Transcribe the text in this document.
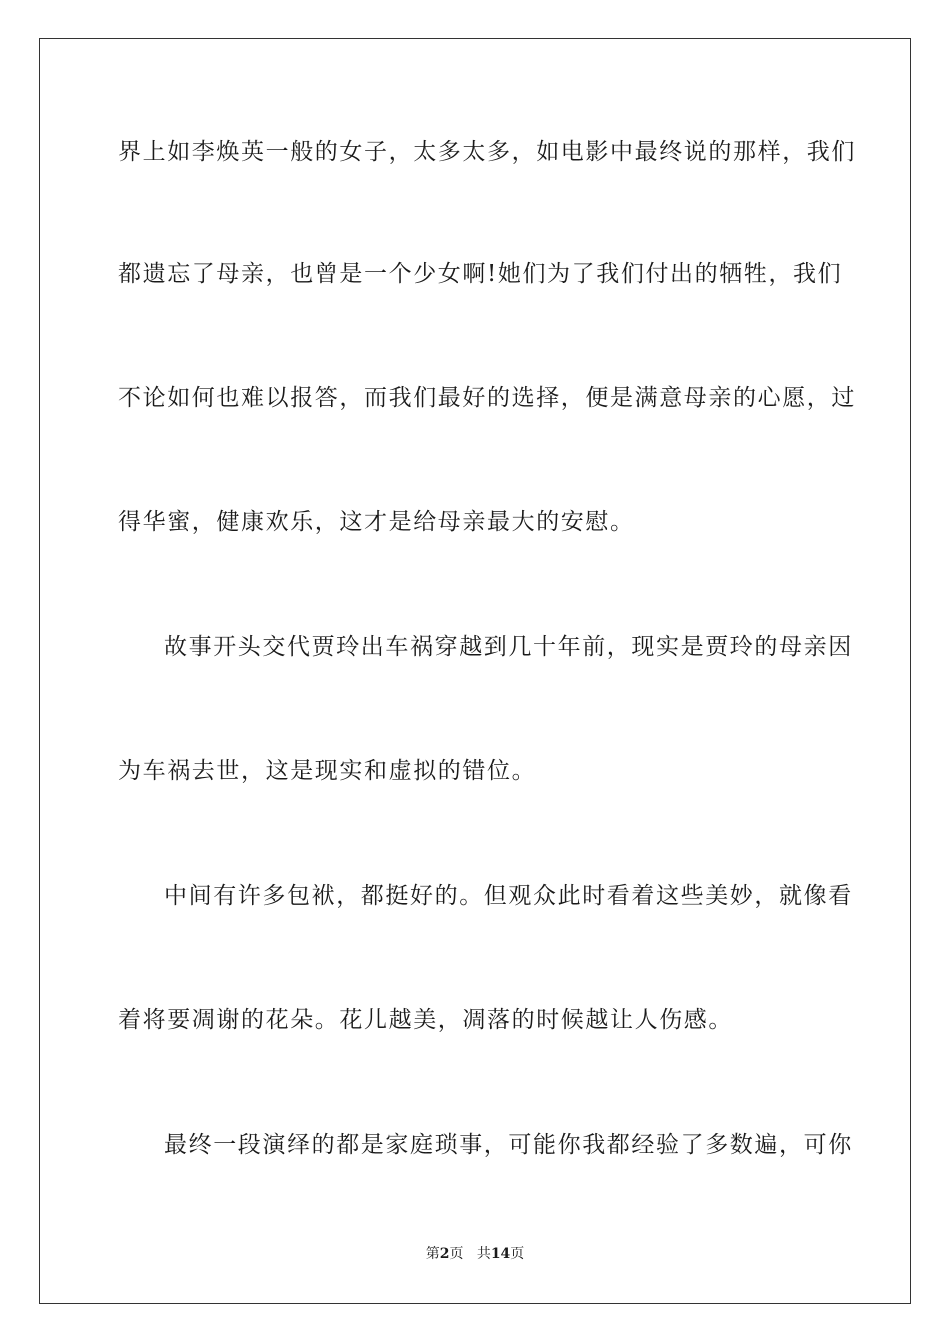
界上如李焕英一般的女子，太多太多，如电影中最终说的那样，我们
都遗忘了母亲，也曾是一个少女啊!她们为了我们付出的牺牲，我们
不论如何也难以报答，而我们最好的选择，便是满意母亲的心愿，过
得华蜜，健康欢乐，这才是给母亲最大的安慰。
故事开头交代贾玲出车祸穿越到几十年前，现实是贾玲的母亲因
为车祸去世，这是现实和虚拟的错位。
中间有许多包袱，都挺好的。但观众此时看着这些美妙，就像看
着将要凋谢的花朵。花儿越美，凋落的时候越让人伤感。
最终一段演绎的都是家庭琐事，可能你我都经验了多数遍，可你
第2页 共14页
